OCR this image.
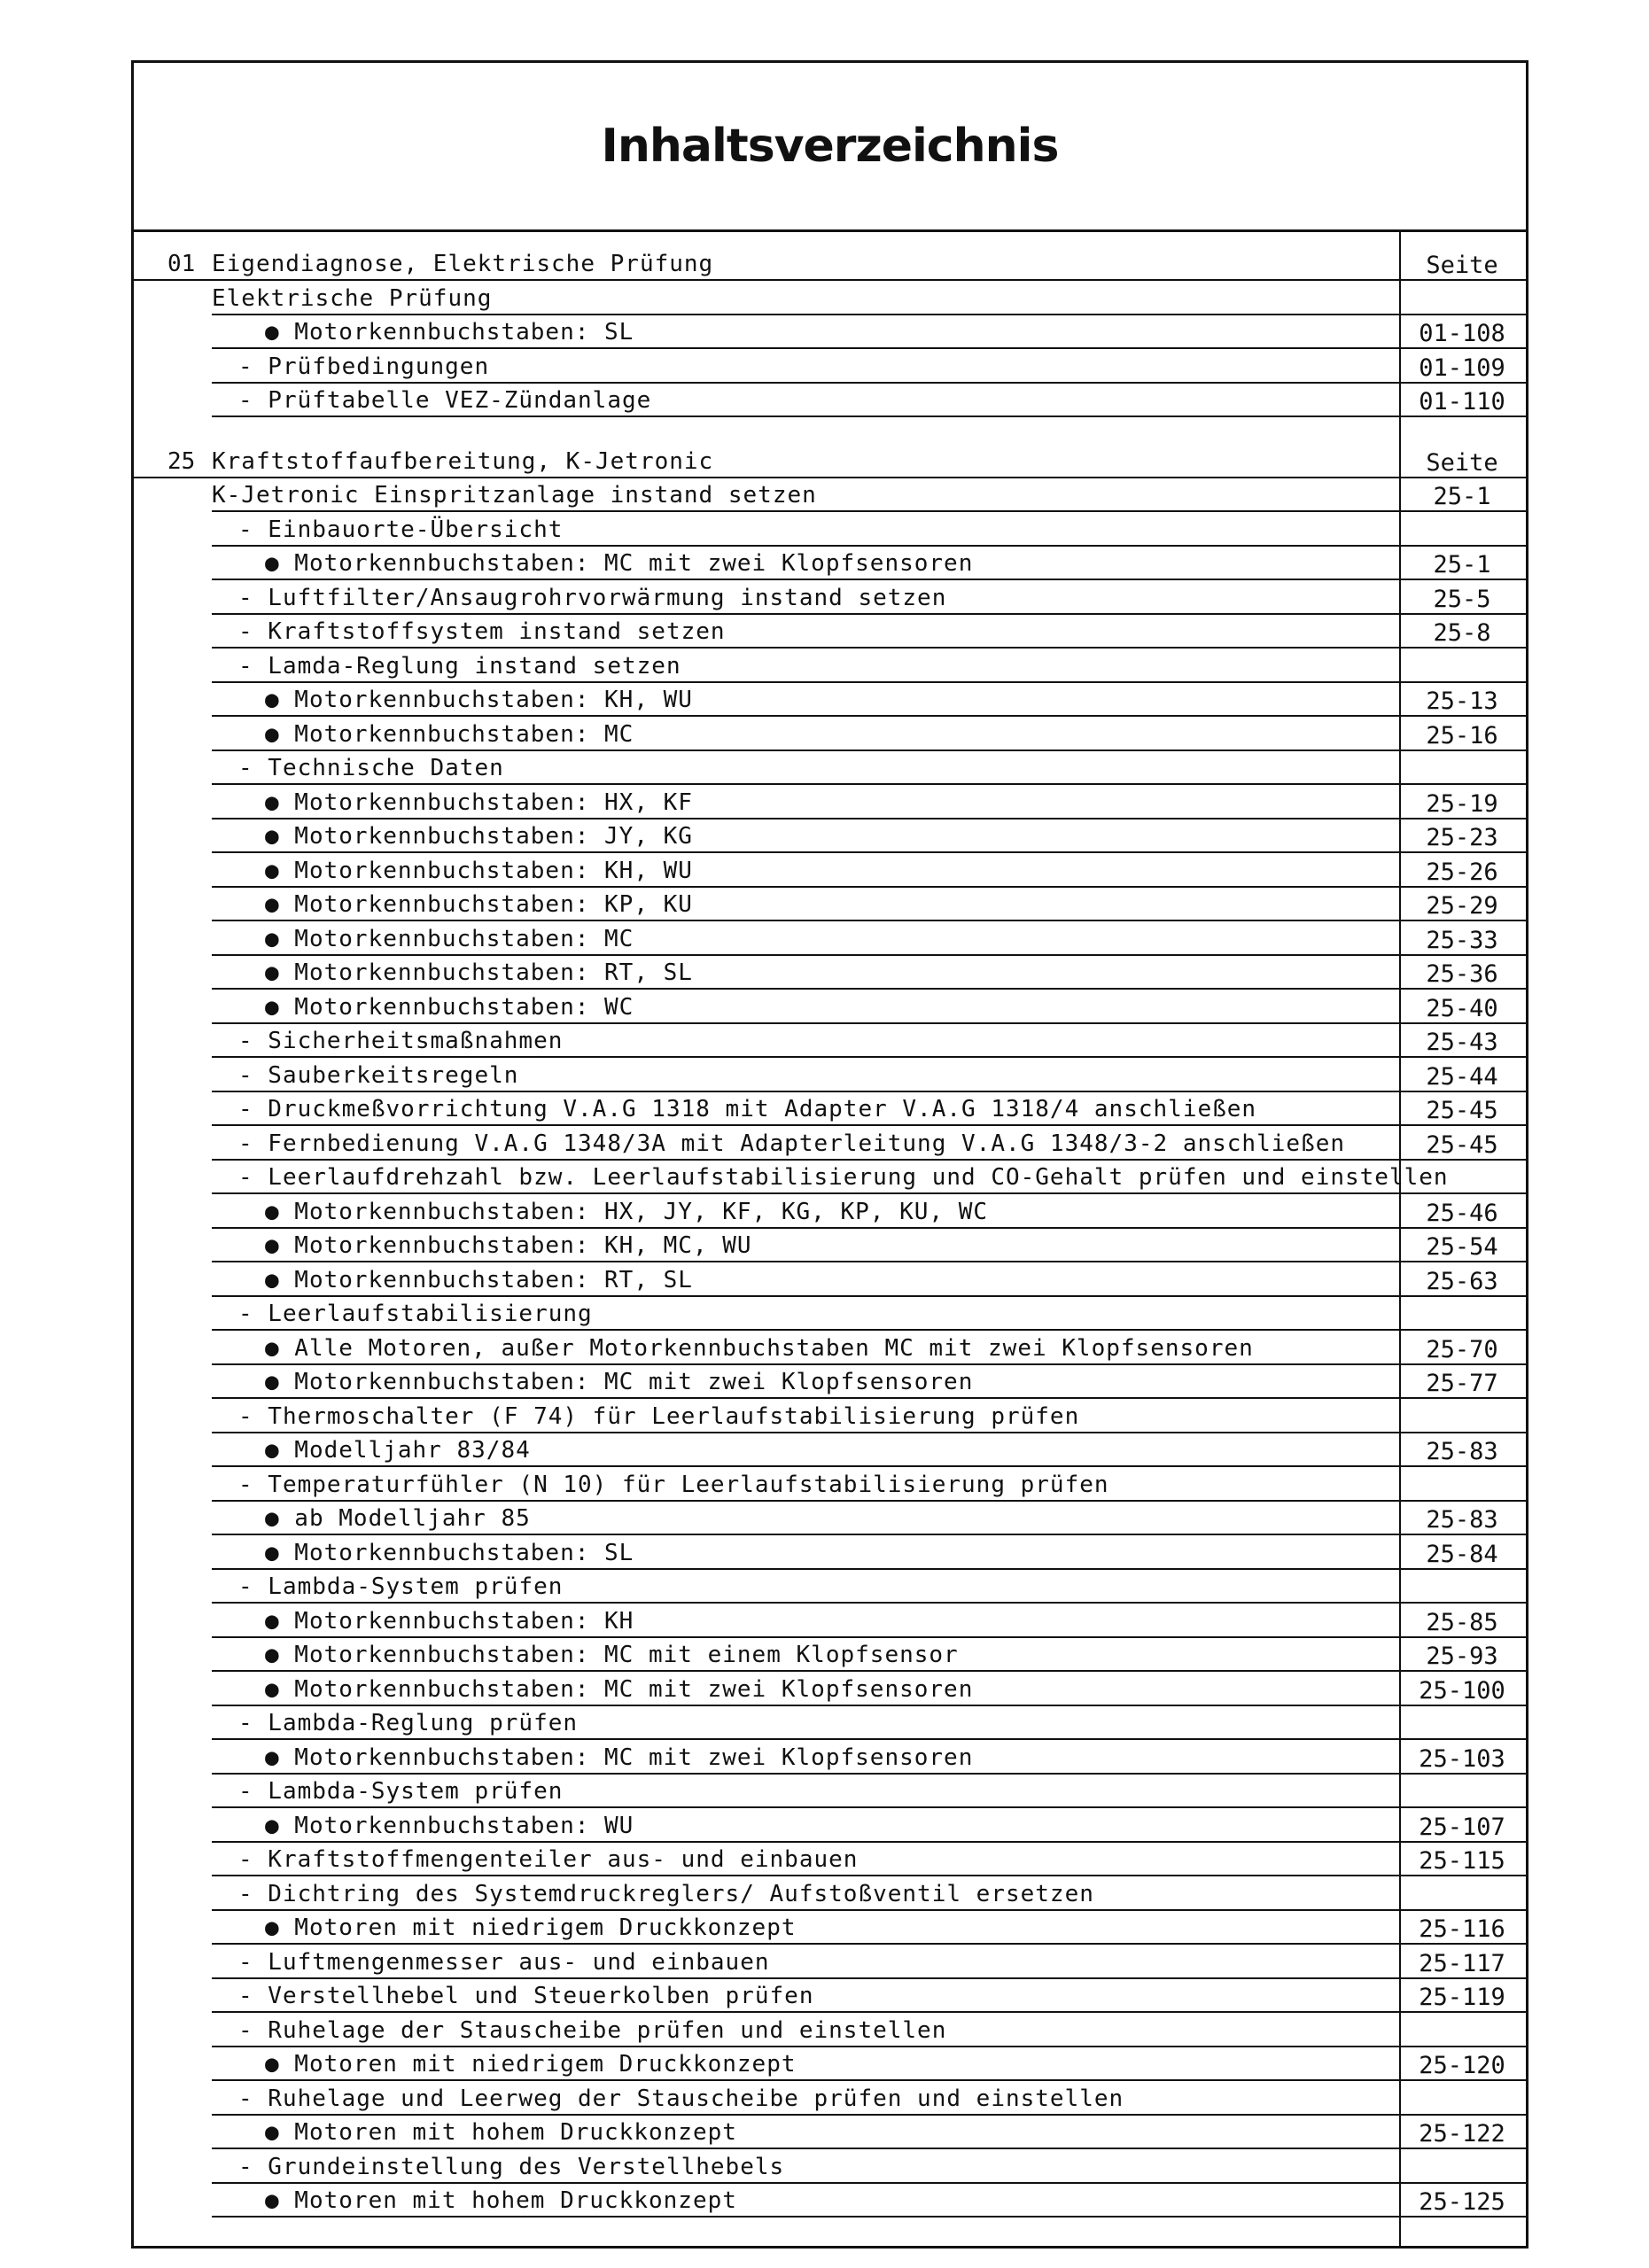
Inhaltsverzeichnis
01 Eigendiagnose, Elektrische Prüfung	Seite
Elektrische Prüfung
● Motorkennbuchstaben: SL	01-108
- Prüfbedingungen	01-109
- Prüftabelle VEZ-Zündanlage	01-110
25 Kraftstoffaufbereitung, K-Jetronic	Seite
K-Jetronic Einspritzanlage instand setzen	25-1
- Einbauorte-Übersicht
● Motorkennbuchstaben: MC mit zwei Klopfsensoren	25-1
- Luftfilter/Ansaugrohrvorwärmung instand setzen	25-5
- Kraftstoffsystem instand setzen	25-8
- Lamda-Reglung instand setzen
● Motorkennbuchstaben: KH, WU	25-13
● Motorkennbuchstaben: MC	25-16
- Technische Daten
● Motorkennbuchstaben: HX, KF	25-19
● Motorkennbuchstaben: JY, KG	25-23
● Motorkennbuchstaben: KH, WU	25-26
● Motorkennbuchstaben: KP, KU	25-29
● Motorkennbuchstaben: MC	25-33
● Motorkennbuchstaben: RT, SL	25-36
● Motorkennbuchstaben: WC	25-40
- Sicherheitsmaßnahmen	25-43
- Sauberkeitsregeln	25-44
- Druckmeßvorrichtung V.A.G 1318 mit Adapter V.A.G 1318/4 anschließen	25-45
- Fernbedienung V.A.G 1348/3A mit Adapterleitung V.A.G 1348/3-2 anschließen	25-45
- Leerlaufdrehzahl bzw. Leerlaufstabilisierung und CO-Gehalt prüfen und einstellen
● Motorkennbuchstaben: HX, JY, KF, KG, KP, KU, WC	25-46
● Motorkennbuchstaben: KH, MC, WU	25-54
● Motorkennbuchstaben: RT, SL	25-63
- Leerlaufstabilisierung
● Alle Motoren, außer Motorkennbuchstaben MC mit zwei Klopfsensoren	25-70
● Motorkennbuchstaben: MC mit zwei Klopfsensoren	25-77
- Thermoschalter (F 74) für Leerlaufstabilisierung prüfen
● Modelljahr 83/84	25-83
- Temperaturfühler (N 10) für Leerlaufstabilisierung prüfen
● ab Modelljahr 85	25-83
● Motorkennbuchstaben: SL	25-84
- Lambda-System prüfen
● Motorkennbuchstaben: KH	25-85
● Motorkennbuchstaben: MC mit einem Klopfsensor	25-93
● Motorkennbuchstaben: MC mit zwei Klopfsensoren	25-100
- Lambda-Reglung prüfen
● Motorkennbuchstaben: MC mit zwei Klopfsensoren	25-103
- Lambda-System prüfen
● Motorkennbuchstaben: WU	25-107
- Kraftstoffmengenteiler aus- und einbauen	25-115
- Dichtring des Systemdruckreglers/ Aufstoßventil ersetzen
● Motoren mit niedrigem Druckkonzept	25-116
- Luftmengenmesser aus- und einbauen	25-117
- Verstellhebel und Steuerkolben prüfen	25-119
- Ruhelage der Stauscheibe prüfen und einstellen
● Motoren mit niedrigem Druckkonzept	25-120
- Ruhelage und Leerweg der Stauscheibe prüfen und einstellen
● Motoren mit hohem Druckkonzept	25-122
- Grundeinstellung des Verstellhebels
● Motoren mit hohem Druckkonzept	25-125
